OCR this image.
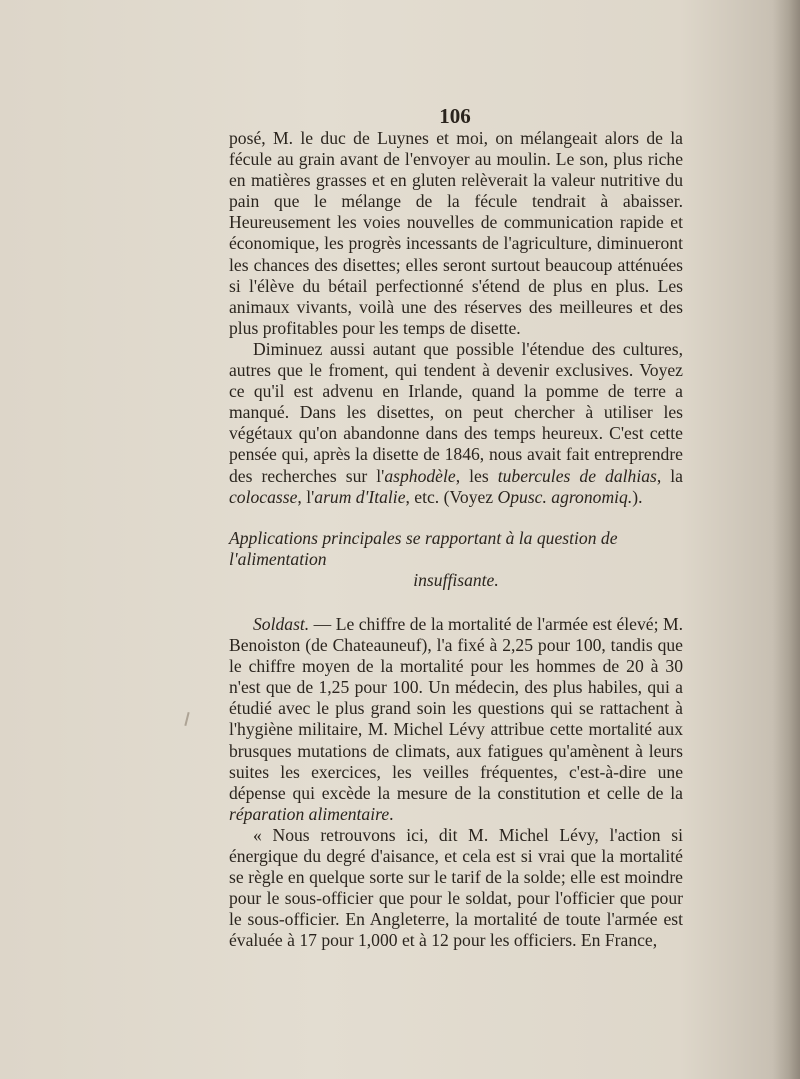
106

posé, M. le duc de Luynes et moi, on mélangeait alors de la fécule au grain avant de l'envoyer au moulin. Le son, plus riche en matières grasses et en gluten relèverait la valeur nutritive du pain que le mélange de la fécule tendrait à abaisser. Heureusement les voies nouvelles de communication rapide et économique, les progrès incessants de l'agriculture, diminueront les chances des disettes; elles seront surtout beaucoup atténuées si l'élève du bétail perfectionné s'étend de plus en plus. Les animaux vivants, voilà une des réserves des meilleures et des plus profitables pour les temps de disette.

Diminuez aussi autant que possible l'étendue des cultures, autres que le froment, qui tendent à devenir exclusives. Voyez ce qu'il est advenu en Irlande, quand la pomme de terre a manqué. Dans les disettes, on peut chercher à utiliser les végétaux qu'on abandonne dans des temps heureux. C'est cette pensée qui, après la disette de 1846, nous avait fait entreprendre des recherches sur l'asphodèle, les tubercules de dalhias, la colocasse, l'arum d'Italie, etc. (Voyez Opusc. agronomiq.).

Applications principales se rapportant à la question de l'alimentation
insuffisante.

Soldast. — Le chiffre de la mortalité de l'armée est élevé; M. Benoiston (de Chateauneuf), l'a fixé à 2,25 pour 100, tandis que le chiffre moyen de la mortalité pour les hommes de 20 à 30 n'est que de 1,25 pour 100. Un médecin, des plus habiles, qui a étudié avec le plus grand soin les questions qui se rattachent à l'hygiène militaire, M. Michel Lévy attribue cette mortalité aux brusques mutations de climats, aux fatigues qu'amènent à leurs suites les exercices, les veilles fréquentes, c'est-à-dire une dépense qui excède la mesure de la constitution et celle de la réparation alimentaire.

« Nous retrouvons ici, dit M. Michel Lévy, l'action si énergique du degré d'aisance, et cela est si vrai que la mortalité se règle en quelque sorte sur le tarif de la solde; elle est moindre pour le sous-officier que pour le soldat, pour l'officier que pour le sous-officier. En Angleterre, la mortalité de toute l'armée est évaluée à 17 pour 1,000 et à 12 pour les officiers. En France,
